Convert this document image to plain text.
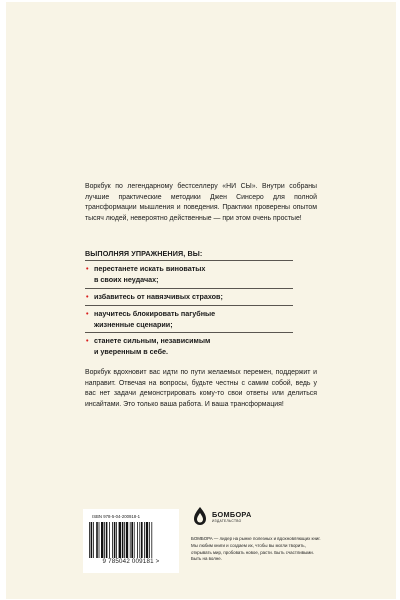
Воркбук по легендарному бестселлеру «НИ СЫ». Внутри собраны лучшие практические методики Джен Синсеро для полной трансформации мышления и поведения. Практики проверены опытом тысяч людей, невероятно действенные — при этом очень простые!

ВЫПОЛНЯЯ УПРАЖНЕНИЯ, ВЫ:

• перестанете искать виноватых
в своих неудачах;
• избавитесь от навязчивых страхов;
• научитесь блокировать пагубные
жизненные сценарии;
• станете сильным, независимым
и уверенным в себе.

Воркбук вдохновит вас идти по пути желаемых перемен, поддержит и направит. Отвечая на вопросы, будьте честны с самим собой, ведь у вас нет задачи демонстрировать кому-то свои ответы или делиться инсайтами. Это только ваша работа. И ваша трансформация!

ISBN 978-5-04-200918-1
9 785042 009181 >
БОМБОРА
ИЗДАТЕЛЬСТВО

БОМБОРА — лидер на рынке полезных и вдохновляющих книг. Мы любим книги и создаем их, чтобы вы могли творить, открывать мир, пробовать новое, расти. Быть счастливыми. Быть на волне.
